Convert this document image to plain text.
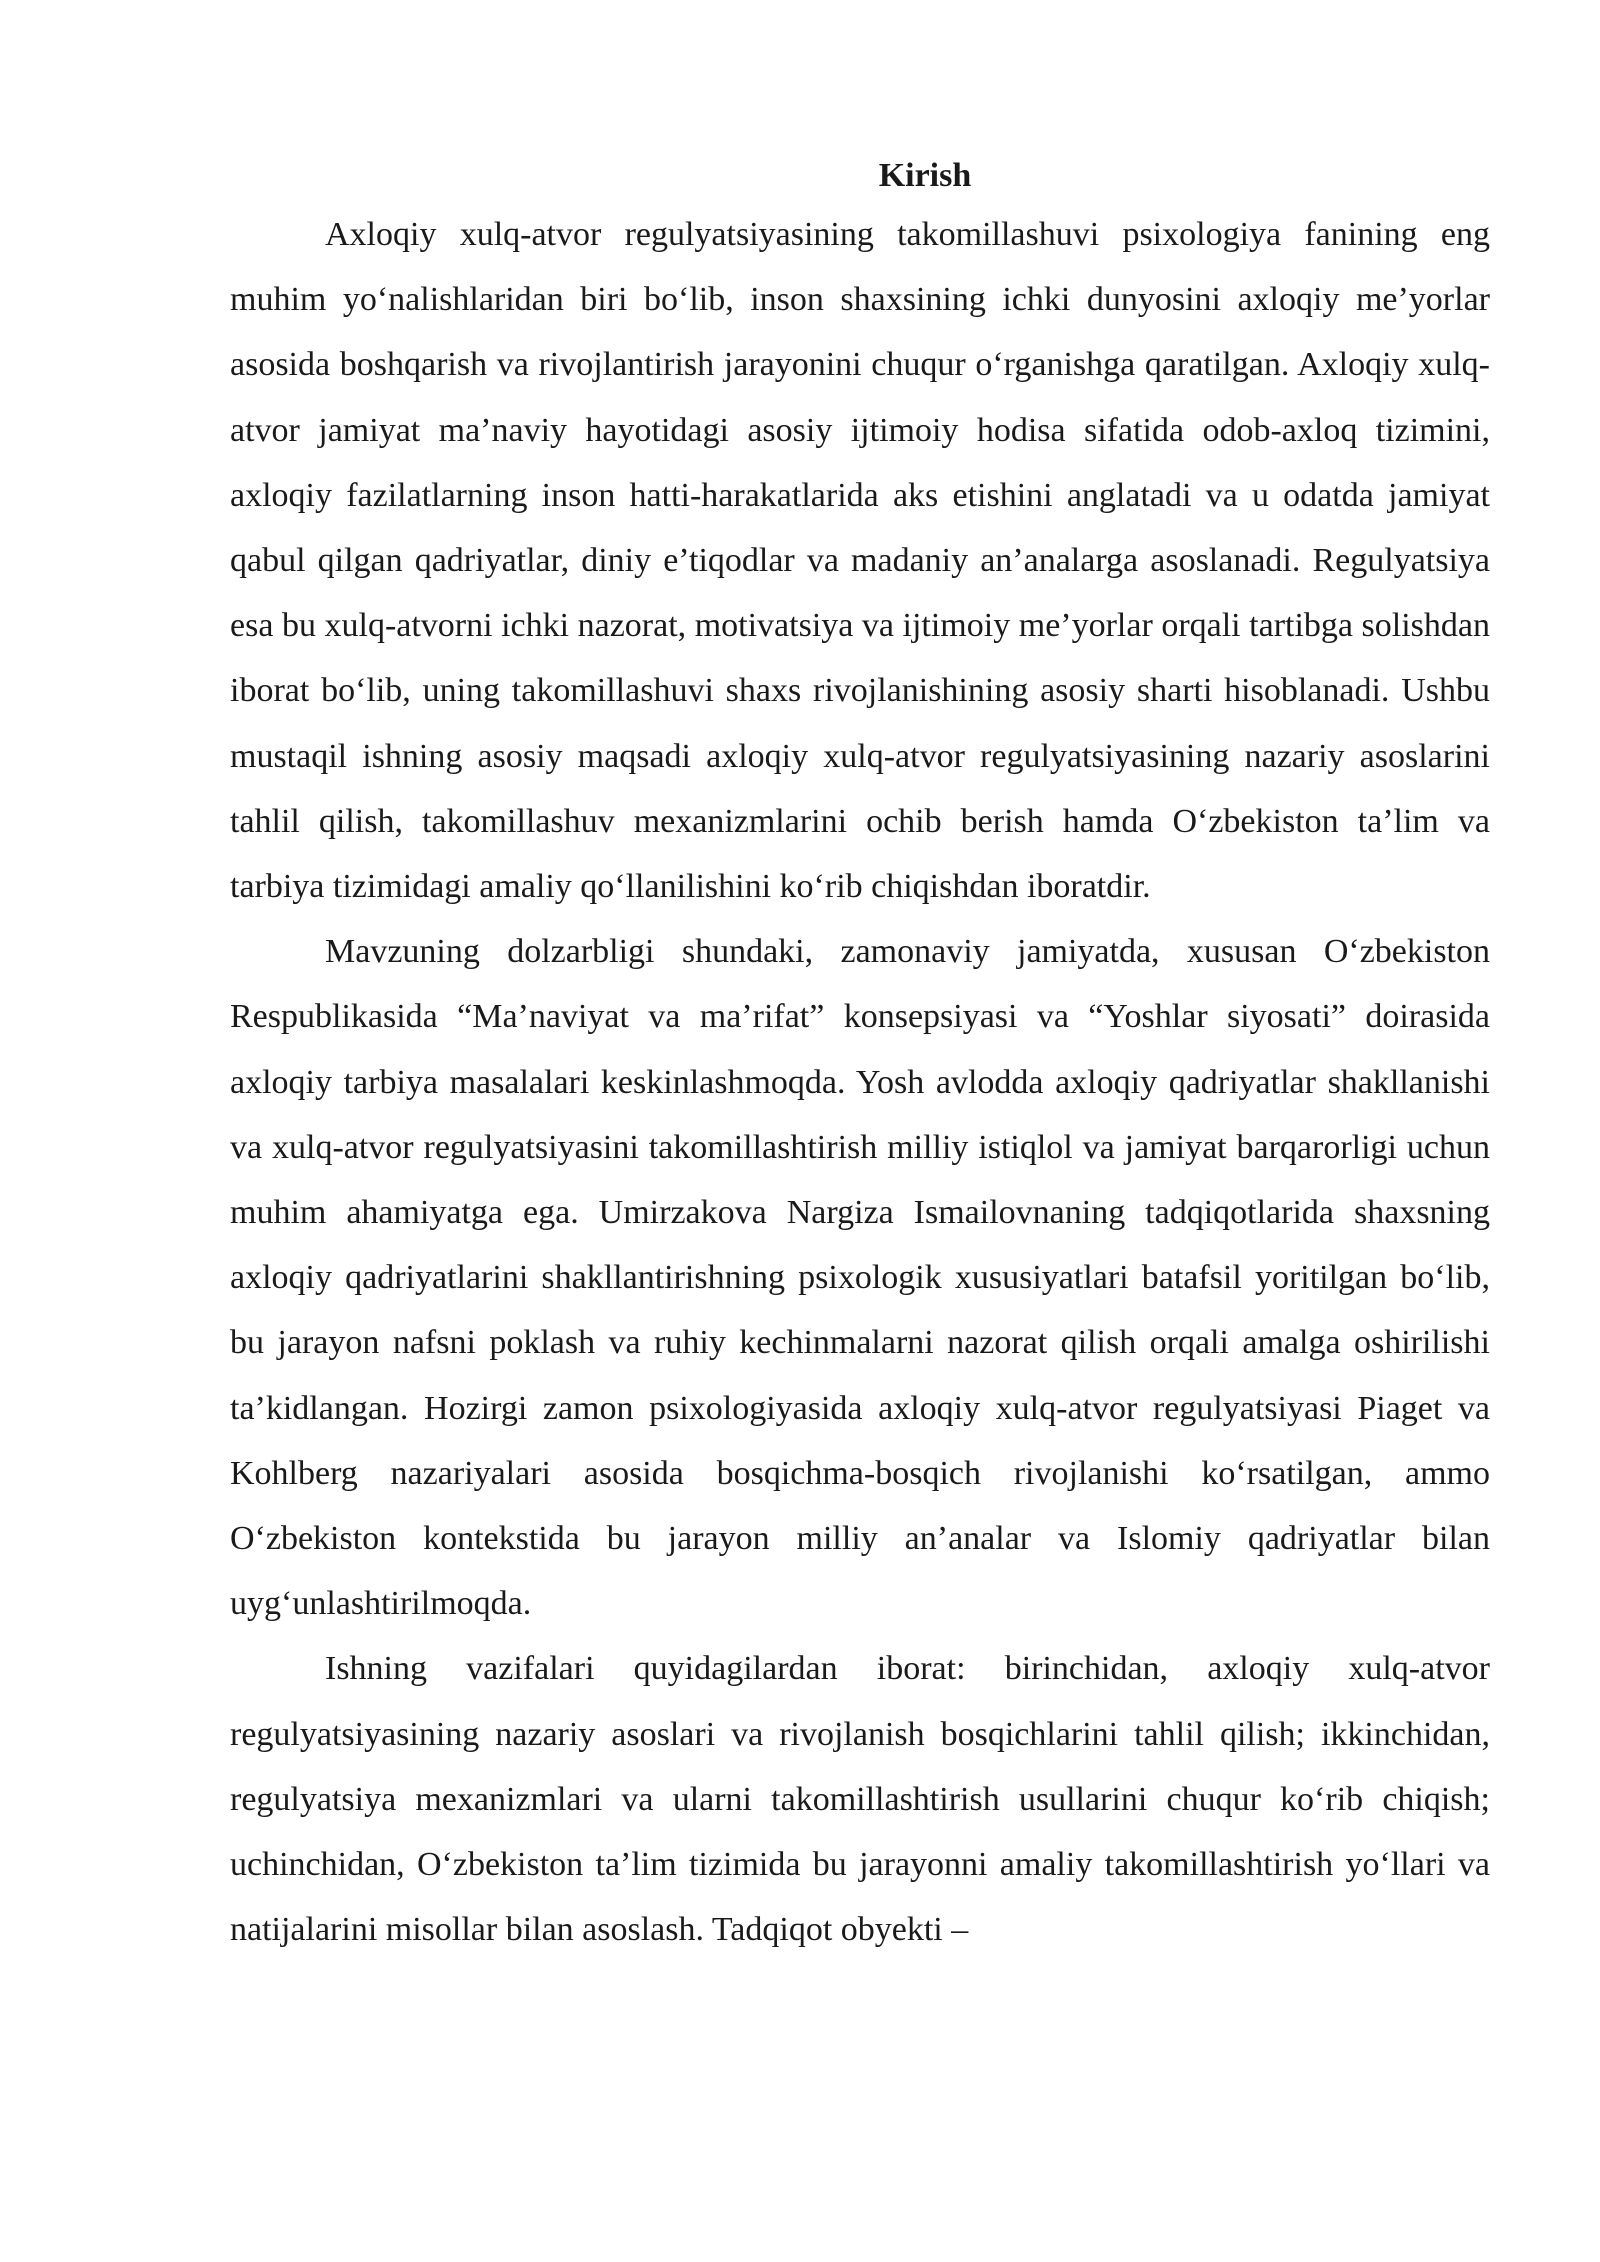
Kirish

Axloqiy xulq-atvor regulyatsiyasining takomillashuvi psixologiya fanining eng muhim yo‘nalishlaridan biri bo‘lib, inson shaxsining ichki dunyosini axloqiy me’yorlar asosida boshqarish va rivojlantirish jarayonini chuqur o‘rganishga qaratilgan. Axloqiy xulq-atvor jamiyat ma’naviy hayotidagi asosiy ijtimoiy hodisa sifatida odob-axloq tizimini, axloqiy fazilatlarning inson hatti-harakatlarida aks etishini anglatadi va u odatda jamiyat qabul qilgan qadriyatlar, diniy e’tiqodlar va madaniy an’analarga asoslanadi. Regulyatsiya esa bu xulq-atvorni ichki nazorat, motivatsiya va ijtimoiy me’yorlar orqali tartibga solishdan iborat bo‘lib, uning takomillashuvi shaxs rivojlanishining asosiy sharti hisoblanadi. Ushbu mustaqil ishning asosiy maqsadi axloqiy xulq-atvor regulyatsiyasining nazariy asoslarini tahlil qilish, takomillashuv mexanizmlarini ochib berish hamda O‘zbekiston ta’lim va tarbiya tizimidagi amaliy qo‘llanilishini ko‘rib chiqishdan iboratdir.

Mavzuning dolzarbligi shundaki, zamonaviy jamiyatda, xususan O‘zbekiston Respublikasida “Ma’naviyat va ma’rifat” konsepsiyasi va “Yoshlar siyosati” doirasida axloqiy tarbiya masalalari keskinlashmoqda. Yosh avlodda axloqiy qadriyatlar shakllanishi va xulq-atvor regulyatsiyasini takomillashtirish milliy istiqlol va jamiyat barqarorligi uchun muhim ahamiyatga ega. Umirzakova Nargiza Ismailovnaning tadqiqotlarida shaxsning axloqiy qadriyatlarini shakllantirishning psixologik xususiyatlari batafsil yoritilgan bo‘lib, bu jarayon nafsni poklash va ruhiy kechinmalarni nazorat qilish orqali amalga oshirilishi ta’kidlangan. Hozirgi zamon psixologiyasida axloqiy xulq-atvor regulyatsiyasi Piaget va Kohlberg nazariyalari asosida bosqichma-bosqich rivojlanishi ko‘rsatilgan, ammo O‘zbekiston kontekstida bu jarayon milliy an’analar va Islomiy qadriyatlar bilan uyg‘unlashtirilmoqda.

Ishning vazifalari quyidagilardan iborat: birinchidan, axloqiy xulq-atvor regulyatsiyasining nazariy asoslari va rivojlanish bosqichlarini tahlil qilish; ikkinchidan, regulyatsiya mexanizmlari va ularni takomillashtirish usullarini chuqur ko‘rib chiqish; uchinchidan, O‘zbekiston ta’lim tizimida bu jarayonni amaliy takomillashtirish yo‘llari va natijalarini misollar bilan asoslash. Tadqiqot obyekti –
